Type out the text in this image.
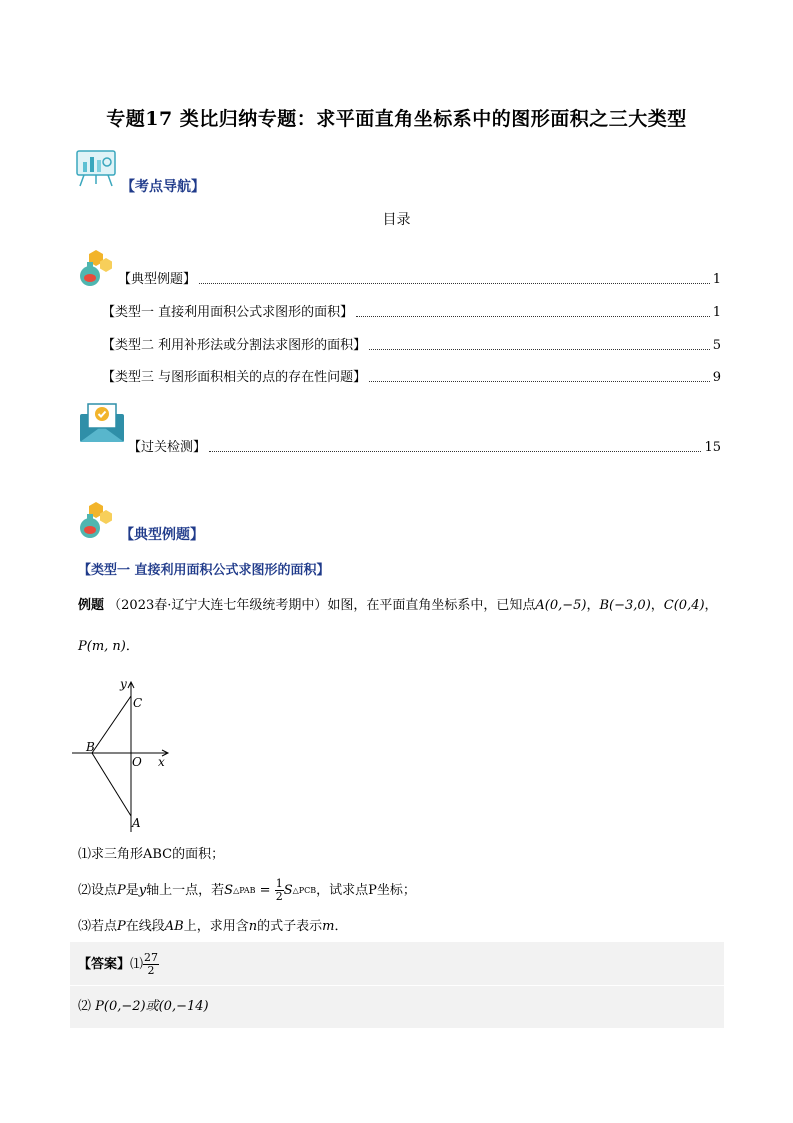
专题17 类比归纳专题：求平面直角坐标系中的图形面积之三大类型
【考点导航】
目录
【典型例题】	1
【类型一 直接利用面积公式求图形的面积】	1
【类型二 利用补形法或分割法求图形的面积】	5
【类型三 与图形面积相关的点的存在性问题】	9
【过关检测】	15
【典型例题】
【类型一 直接利用面积公式求图形的面积】
例题 （2023春·辽宁大连七年级统考期中）如图，在平面直角坐标系中，已知点A(0,−5)，B(−3,0)，C(0,4)，
P(m, n)．
y
C
B
O x
A
⑴求三角形ABC的面积；
⑵设点 P 是 y 轴上一点，若 S △PAB = $\frac{1}{2}$ S △PCB ，试求点P坐标；
⑶若点P在线段AB上，求用含n的式子表示m．
【答案】 ⑴ $\frac{27}{2}$
⑵ P(0,−2)或(0,−14)
